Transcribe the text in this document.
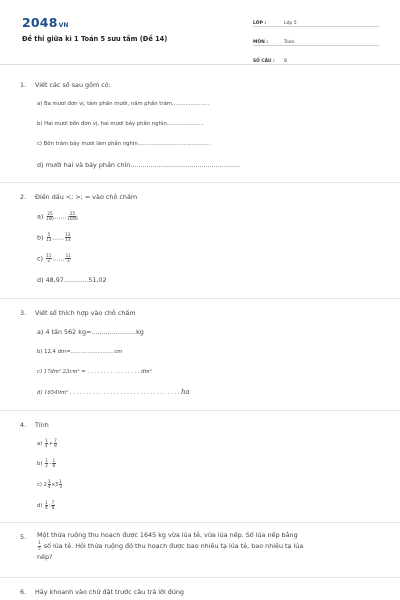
2048VN
Đề thi giữa kì 1 Toán 5 sưu tầm (Đề 14)
LỚP :	Lớp 5
MÔN :	Toán
SỐ CÂU :	8
1. Viết các số sau gồm có:
a) Ba mươi đơn vị, tám phần mười, năm phần trăm......................
b) Hai mươi bốn đơn vị, hai mươi bảy phần nghìn......................
c) Bốn trăm bảy mươi lăm phần nghìn...........................................
d) mười hai và bảy phần chín......................................................
2. Điền dấu <; >; = vào chỗ chấm
$a) \frac{25}{100}$ ...... $\frac{25}{1000}$
$b) \frac{5}{13}$ ...... $\frac{12}{13}$
$c) \frac{11}{2}$ ...... $\frac{11}{3}$
d) 48,97............51,02
3. Viết số thích hợp vào chỗ chấm
a) 4 tấn 562 kg=......................kg
b) 12,4 dm=..........................cm
c) 17dm² 23cm² = . . . . . . . . . . . . . . . . dm²
d) 16549m² . . . . . . . . . . . . . . . . . . . . . . . . . . . . . . . . . ha
4. Tính
$a) \frac{1}{4} + \frac{7}{8}$
$b) \frac{1}{2} - \frac{1}{8}$
c) $2 \frac{1}{4} x3 \frac{1}{3}$
$d) \frac{1}{4}$ : $\frac{7}{8}$
5. Một thửa ruộng thu hoạch được 1645 kg vừa lúa tẻ, vừa lúa nếp. Số lúa nếp bằng

$\frac{1}{5}$ số lúa tẻ. Hỏi thửa ruộng đó thu hoạch được bao nhiêu tạ lúa tẻ, bao nhiêu tạ lúa
nếp?
6. Hãy khoanh vào chữ đặt trước câu trả lời đúng
